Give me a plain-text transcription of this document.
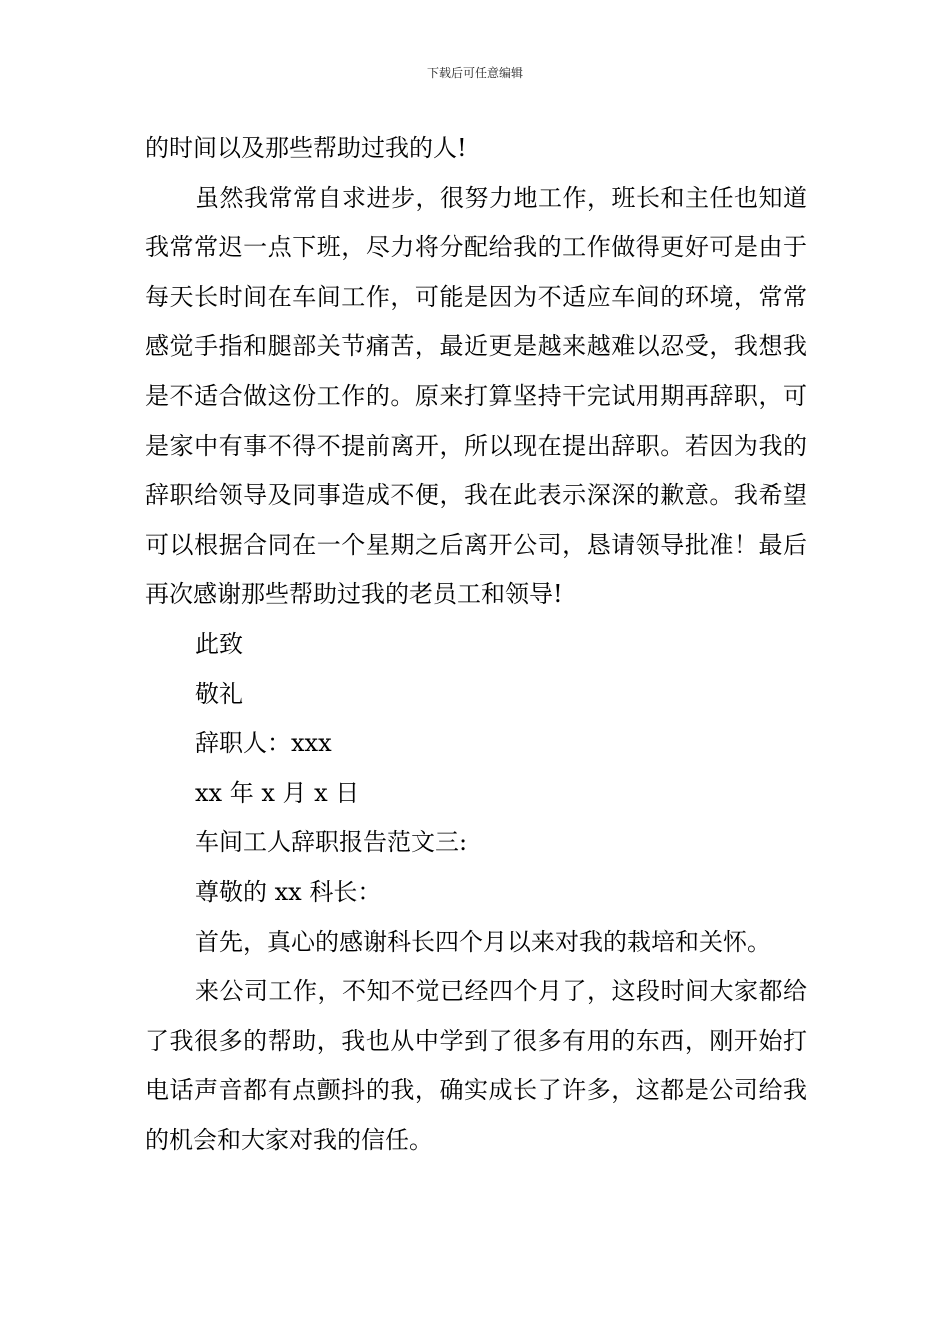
下载后可任意编辑

的时间以及那些帮助过我的人!

虽然我常常自求进步，很努力地工作，班长和主任也知道我常常迟一点下班，尽力将分配给我的工作做得更好可是由于每天长时间在车间工作，可能是因为不适应车间的环境，常常感觉手指和腿部关节痛苦，最近更是越来越难以忍受，我想我是不适合做这份工作的。原来打算坚持干完试用期再辞职，可是家中有事不得不提前离开，所以现在提出辞职。若因为我的辞职给领导及同事造成不便，我在此表示深深的歉意。我希望可以根据合同在一个星期之后离开公司，恳请领导批准！最后再次感谢那些帮助过我的老员工和领导!

此致

敬礼

辞职人：xxx

xx 年 x 月 x 日

车间工人辞职报告范文三:

尊敬的 xx 科长：

首先，真心的感谢科长四个月以来对我的栽培和关怀。

来公司工作，不知不觉已经四个月了，这段时间大家都给了我很多的帮助，我也从中学到了很多有用的东西，刚开始打电话声音都有点颤抖的我，确实成长了许多，这都是公司给我的机会和大家对我的信任。
